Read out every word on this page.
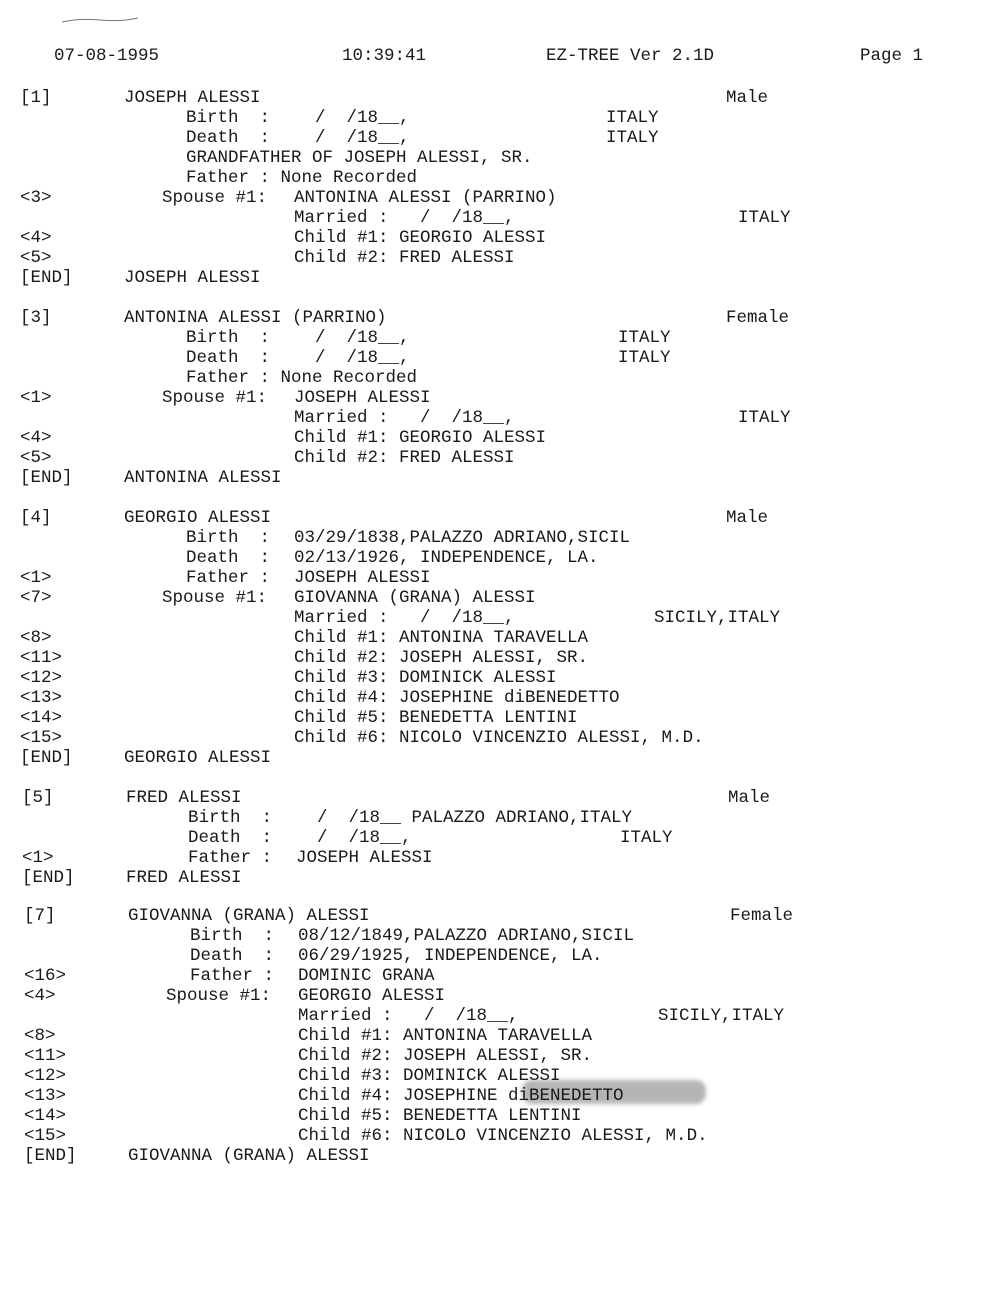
07-08-1995	10:39:41	EZ-TREE Ver 2.1D	Page 1
[1]	JOSEPH ALESSI	Male
Birth  : /  /18__,	ITALY
Death  : /  /18__,	ITALY
GRANDFATHER OF JOSEPH ALESSI, SR.
Father : None Recorded
<3>	Spouse #1: ANTONINA ALESSI (PARRINO)
Married :   /  /18__,	ITALY
<4>	Child #1: GEORGIO ALESSI
<5>	Child #2: FRED ALESSI
[END]	JOSEPH ALESSI
[3]	ANTONINA ALESSI (PARRINO)	Female
Birth  : /  /18__,	ITALY
Death  : /  /18__,	ITALY
Father : None Recorded
<1>	Spouse #1: JOSEPH ALESSI
Married :   /  /18__,	ITALY
<4>	Child #1: GEORGIO ALESSI
<5>	Child #2: FRED ALESSI
[END]	ANTONINA ALESSI
[4]	GEORGIO ALESSI	Male
Birth  : 03/29/1838,PALAZZO ADRIANO,SICIL
Death  : 02/13/1926, INDEPENDENCE, LA.
<1>	Father : JOSEPH ALESSI
<7>	Spouse #1: GIOVANNA (GRANA) ALESSI
Married :   /  /18__,	SICILY,ITALY
<8>	Child #1: ANTONINA TARAVELLA
<11>	Child #2: JOSEPH ALESSI, SR.
<12>	Child #3: DOMINICK ALESSI
<13>	Child #4: JOSEPHINE diBENEDETTO
<14>	Child #5: BENEDETTA LENTINI
<15>	Child #6: NICOLO VINCENZIO ALESSI, M.D.
[END]	GEORGIO ALESSI
[5]	FRED ALESSI	Male
Birth  : /  /18__ PALAZZO ADRIANO,ITALY
Death  : /  /18__,	ITALY
<1>	Father : JOSEPH ALESSI
[END]	FRED ALESSI
[7]	GIOVANNA (GRANA) ALESSI	Female
Birth  : 08/12/1849,PALAZZO ADRIANO,SICIL
Death  : 06/29/1925, INDEPENDENCE, LA.
<16>	Father : DOMINIC GRANA
<4>	Spouse #1: GEORGIO ALESSI
Married :   /  /18__,	SICILY,ITALY
<8>	Child #1: ANTONINA TARAVELLA
<11>	Child #2: JOSEPH ALESSI, SR.
<12>	Child #3: DOMINICK ALESSI
<13>	Child #4: JOSEPHINE diBENEDETTO
<14>	Child #5: BENEDETTA LENTINI
<15>	Child #6: NICOLO VINCENZIO ALESSI, M.D.
[END]	GIOVANNA (GRANA) ALESSI
